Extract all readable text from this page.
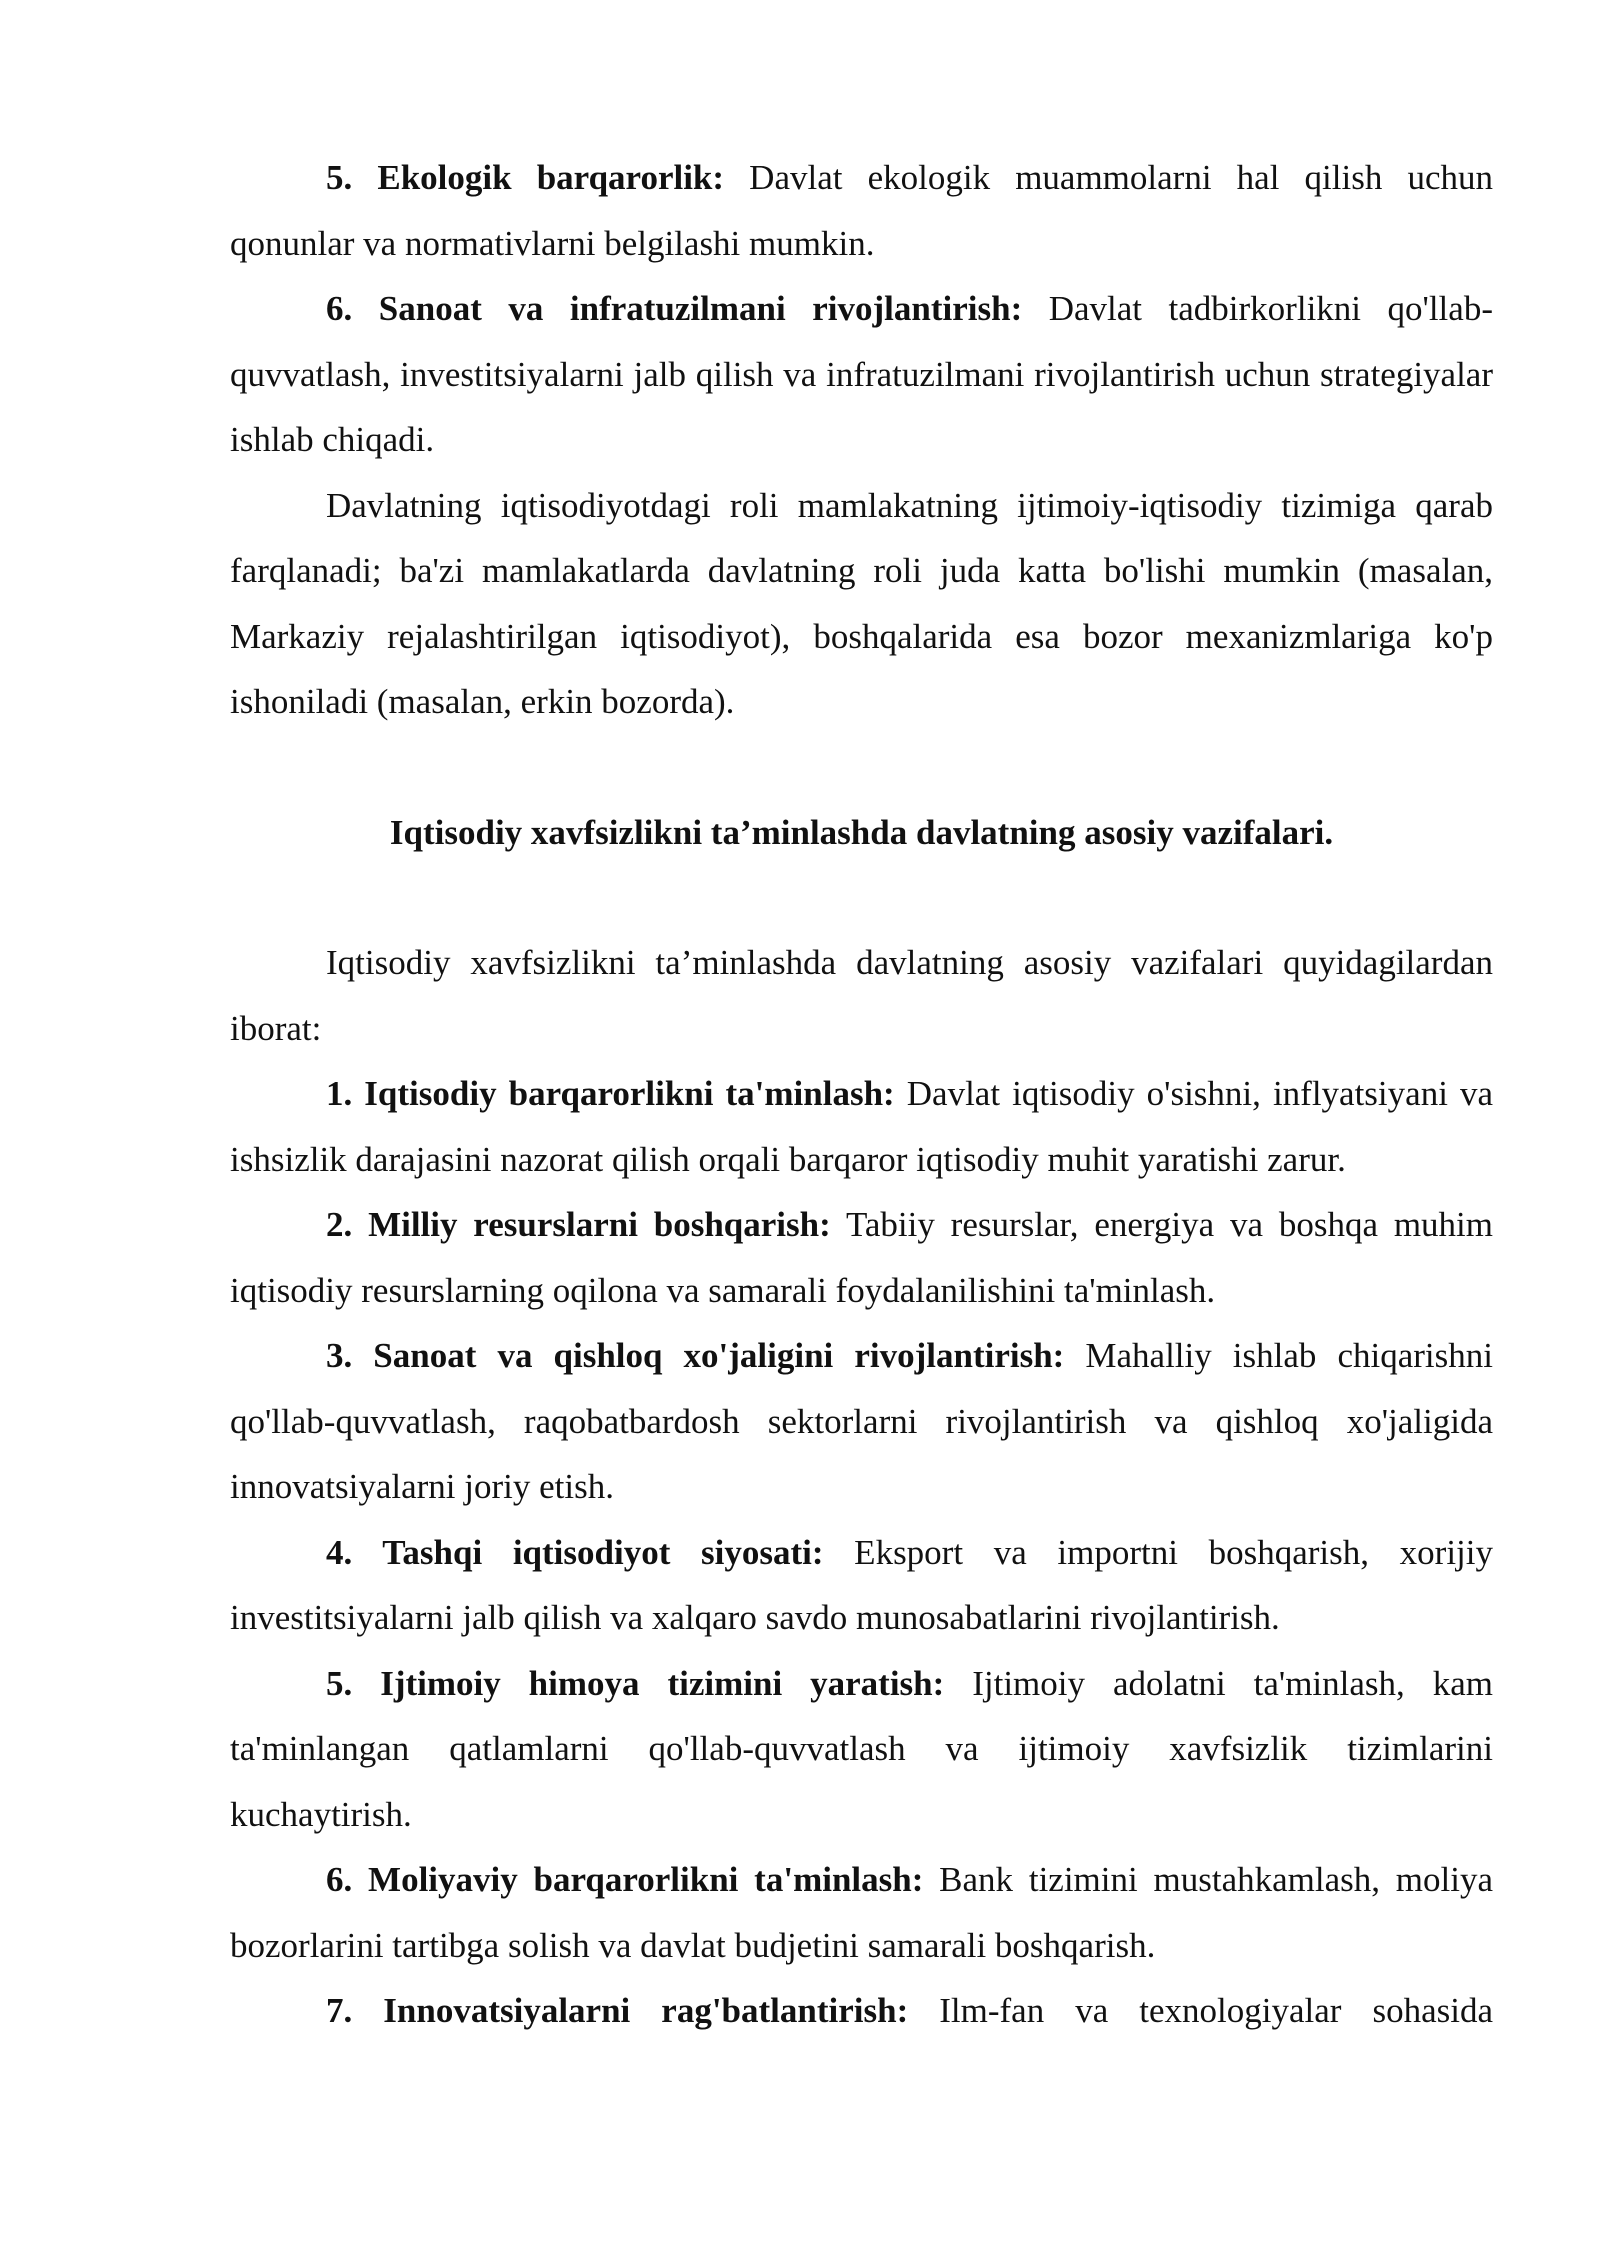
5. Ekologik barqarorlik: Davlat ekologik muammolarni hal qilish uchun qonunlar va normativlarni belgilashi mumkin.

6. Sanoat va infratuzilmani rivojlantirish: Davlat tadbirkorlikni qo'llab-quvvatlash, investitsiyalarni jalb qilish va infratuzilmani rivojlantirish uchun strategiyalar ishlab chiqadi.

Davlatning iqtisodiyotdagi roli mamlakatning ijtimoiy-iqtisodiy tizimiga qarab farqlanadi; ba'zi mamlakatlarda davlatning roli juda katta bo'lishi mumkin (masalan, Markaziy rejalashtirilgan iqtisodiyot), boshqalarida esa bozor mexanizmlariga ko'p ishoniladi (masalan, erkin bozorda).

Iqtisodiy xavfsizlikni ta’minlashda davlatning asosiy vazifalari.

Iqtisodiy xavfsizlikni ta’minlashda davlatning asosiy vazifalari quyidagilardan iborat:

1. Iqtisodiy barqarorlikni ta'minlash: Davlat iqtisodiy o'sishni, inflyatsiyani va ishsizlik darajasini nazorat qilish orqali barqaror iqtisodiy muhit yaratishi zarur.

2. Milliy resurslarni boshqarish: Tabiiy resurslar, energiya va boshqa muhim iqtisodiy resurslarning oqilona va samarali foydalanilishini ta'minlash.

3. Sanoat va qishloq xo'jaligini rivojlantirish: Mahalliy ishlab chiqarishni qo'llab-quvvatlash, raqobatbardosh sektorlarni rivojlantirish va qishloq xo'jaligida innovatsiyalarni joriy etish.

4. Tashqi iqtisodiyot siyosati: Eksport va importni boshqarish, xorijiy investitsiyalarni jalb qilish va xalqaro savdo munosabatlarini rivojlantirish.

5. Ijtimoiy himoya tizimini yaratish: Ijtimoiy adolatni ta'minlash, kam ta'minlangan qatlamlarni qo'llab-quvvatlash va ijtimoiy xavfsizlik tizimlarini kuchaytirish.

6. Moliyaviy barqarorlikni ta'minlash: Bank tizimini mustahkamlash, moliya bozorlarini tartibga solish va davlat budjetini samarali boshqarish.

7. Innovatsiyalarni rag'batlantirish: Ilm-fan va texnologiyalar sohasida
